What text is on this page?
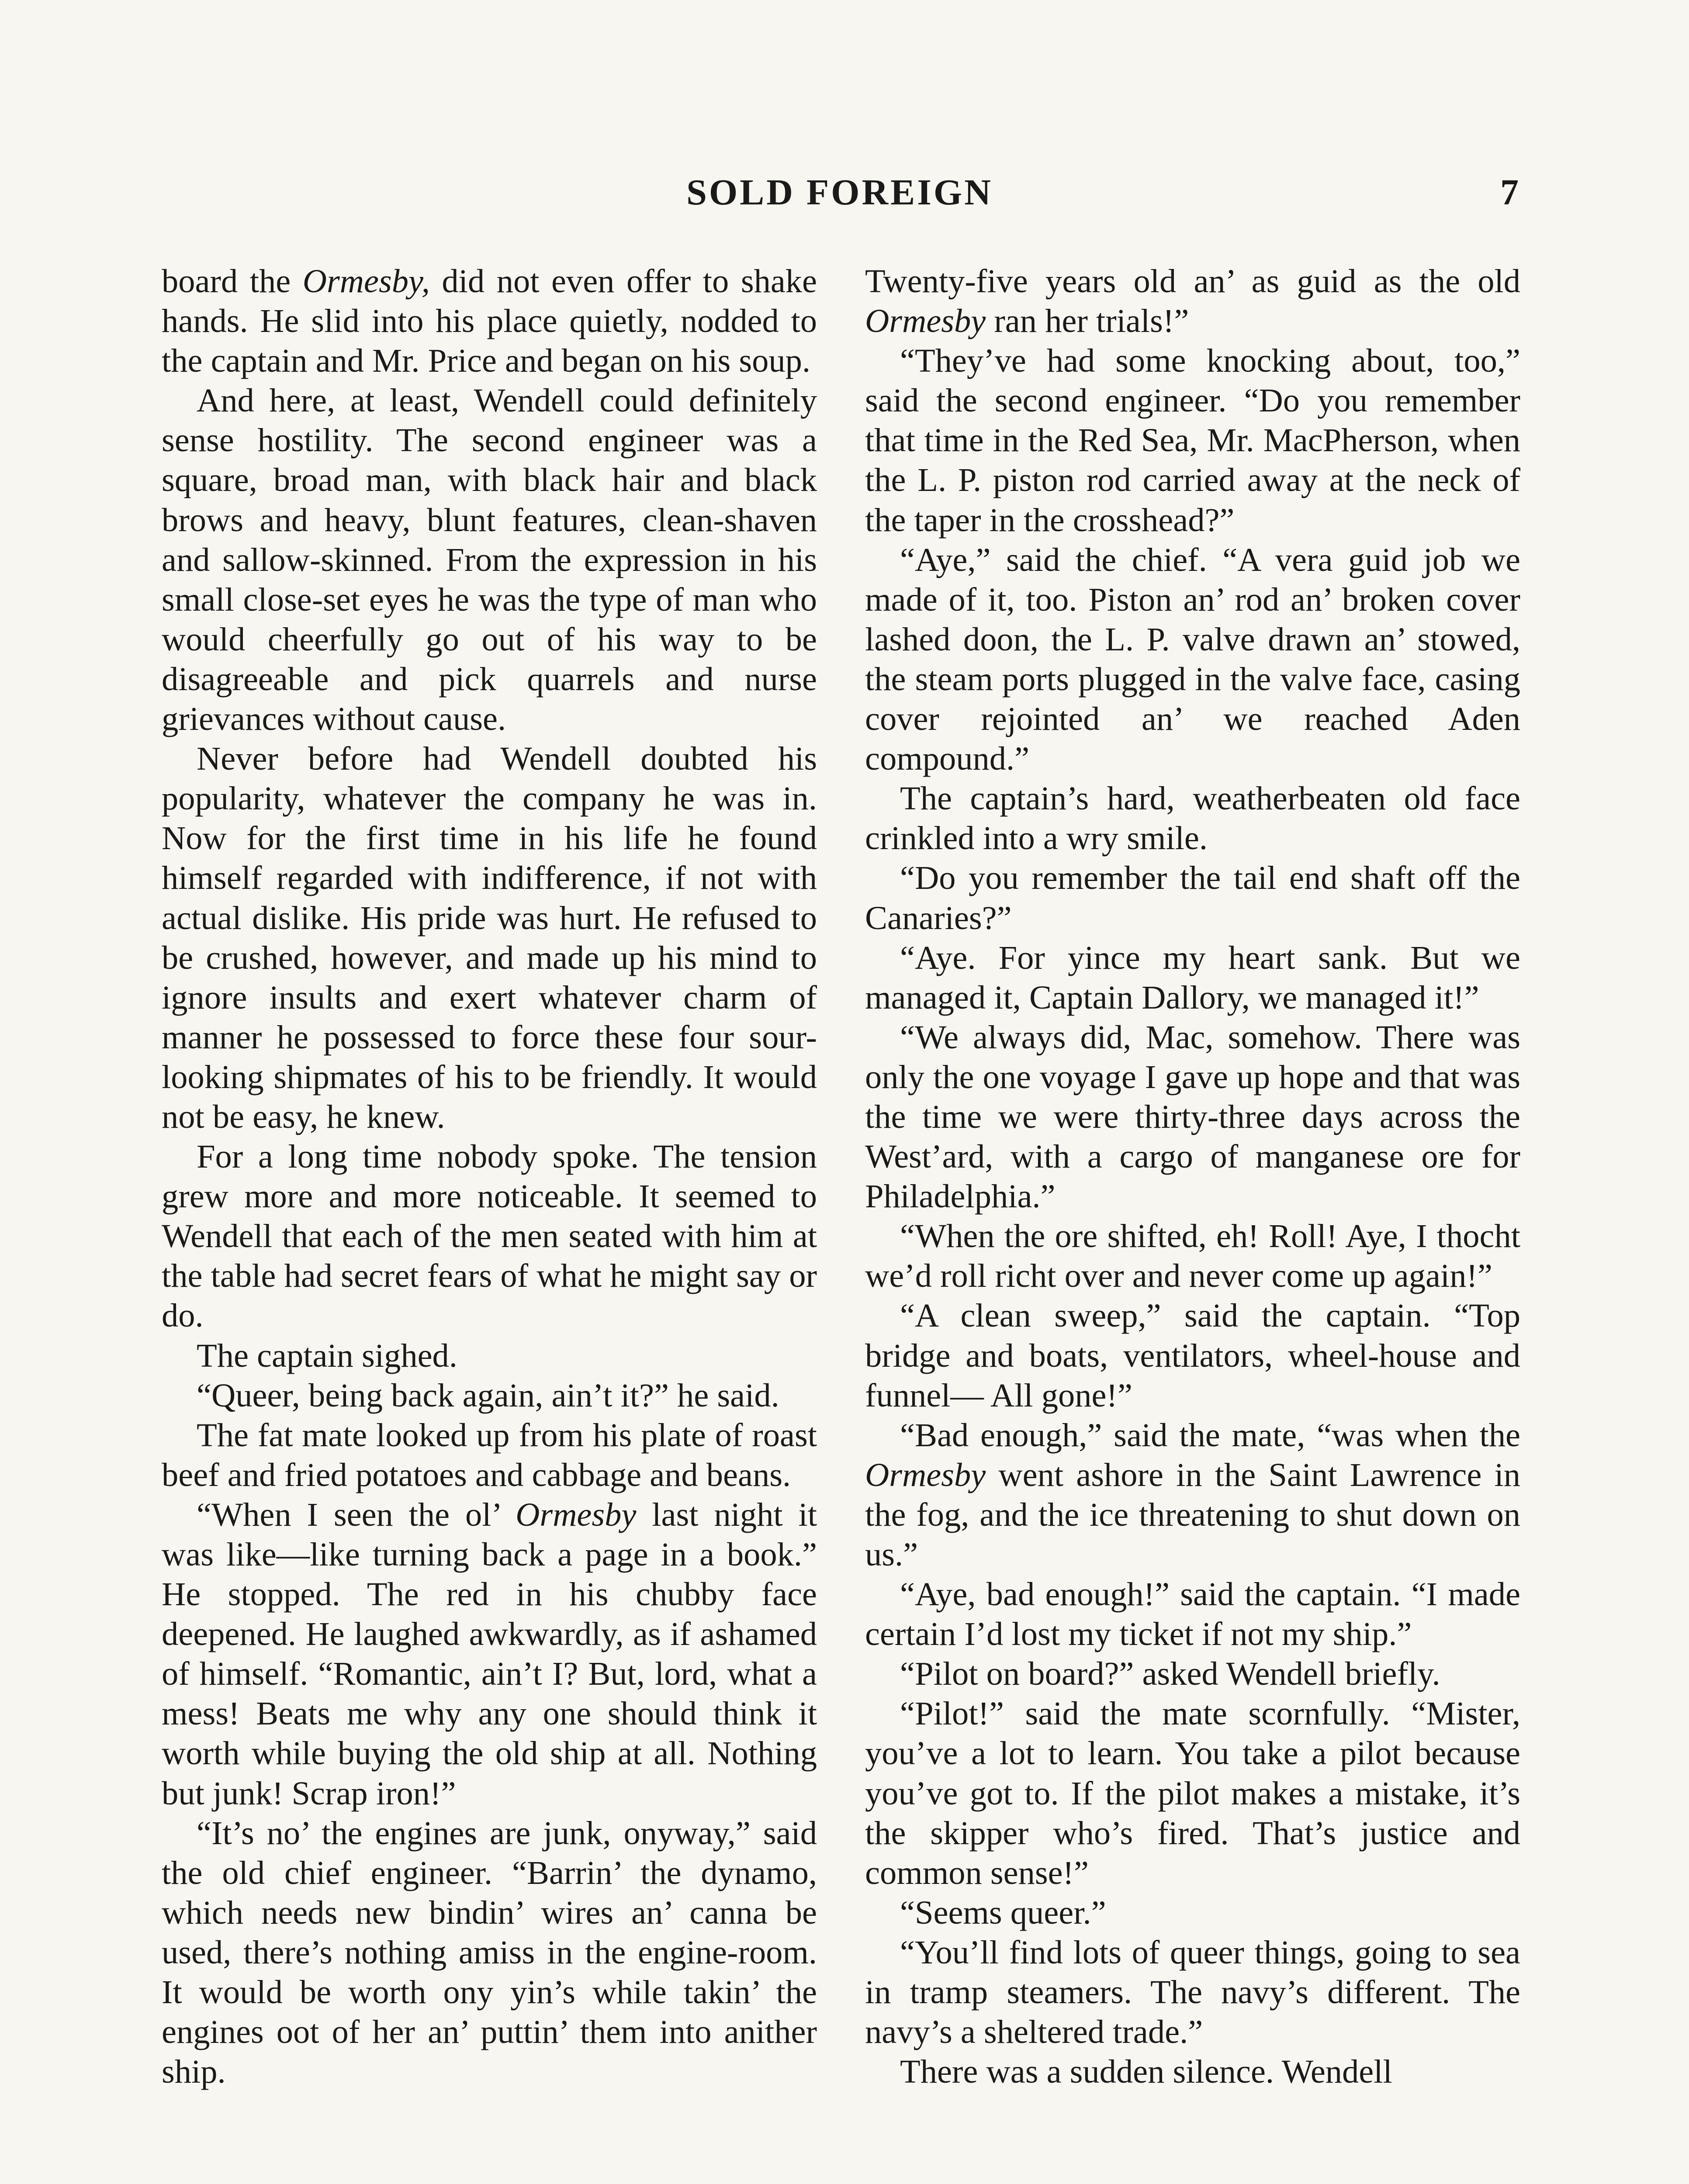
SOLD FOREIGN	7

board the Ormesby, did not even offer to shake hands. He slid into his place quietly, nodded to the captain and Mr. Price and began on his soup.

And here, at least, Wendell could definitely sense hostility. The second engineer was a square, broad man, with black hair and black brows and heavy, blunt features, clean-shaven and sallow-skinned. From the expression in his small close-set eyes he was the type of man who would cheerfully go out of his way to be disagreeable and pick quarrels and nurse grievances without cause.

Never before had Wendell doubted his popularity, whatever the company he was in. Now for the first time in his life he found himself regarded with indifference, if not with actual dislike. His pride was hurt. He refused to be crushed, however, and made up his mind to ignore insults and exert whatever charm of manner he possessed to force these four sour-looking shipmates of his to be friendly. It would not be easy, he knew.

For a long time nobody spoke. The tension grew more and more noticeable. It seemed to Wendell that each of the men seated with him at the table had secret fears of what he might say or do.

The captain sighed.

“Queer, being back again, ain’t it?” he said.

The fat mate looked up from his plate of roast beef and fried potatoes and cabbage and beans.

“When I seen the ol’ Ormesby last night it was like—like turning back a page in a book.” He stopped. The red in his chubby face deepened. He laughed awkwardly, as if ashamed of himself. “Romantic, ain’t I? But, lord, what a mess! Beats me why any one should think it worth while buying the old ship at all. Nothing but junk! Scrap iron!”

“It’s no’ the engines are junk, onyway,” said the old chief engineer. “Barrin’ the dynamo, which needs new bindin’ wires an’ canna be used, there’s nothing amiss in the engine-room. It would be worth ony yin’s while takin’ the engines oot of her an’ puttin’ them into anither ship.

Twenty-five years old an’ as guid as the old Ormesby ran her trials!”

“They’ve had some knocking about, too,” said the second engineer. “Do you remember that time in the Red Sea, Mr. MacPherson, when the L. P. piston rod carried away at the neck of the taper in the crosshead?”

“Aye,” said the chief. “A vera guid job we made of it, too. Piston an’ rod an’ broken cover lashed doon, the L. P. valve drawn an’ stowed, the steam ports plugged in the valve face, casing cover rejointed an’ we reached Aden compound.”

The captain’s hard, weatherbeaten old face crinkled into a wry smile.

“Do you remember the tail end shaft off the Canaries?”

“Aye. For yince my heart sank. But we managed it, Captain Dallory, we managed it!”

“We always did, Mac, somehow. There was only the one voyage I gave up hope and that was the time we were thirty-three days across the West’ard, with a cargo of manganese ore for Philadelphia.”

“When the ore shifted, eh! Roll! Aye, I thocht we’d roll richt over and never come up again!”

“A clean sweep,” said the captain. “Top bridge and boats, ventilators, wheel-house and funnel— All gone!”

“Bad enough,” said the mate, “was when the Ormesby went ashore in the Saint Lawrence in the fog, and the ice threatening to shut down on us.”

“Aye, bad enough!” said the captain. “I made certain I’d lost my ticket if not my ship.”

“Pilot on board?” asked Wendell briefly.

“Pilot!” said the mate scornfully. “Mister, you’ve a lot to learn. You take a pilot because you’ve got to. If the pilot makes a mistake, it’s the skipper who’s fired. That’s justice and common sense!”

“Seems queer.”

“You’ll find lots of queer things, going to sea in tramp steamers. The navy’s different. The navy’s a sheltered trade.”

There was a sudden silence. Wendell
